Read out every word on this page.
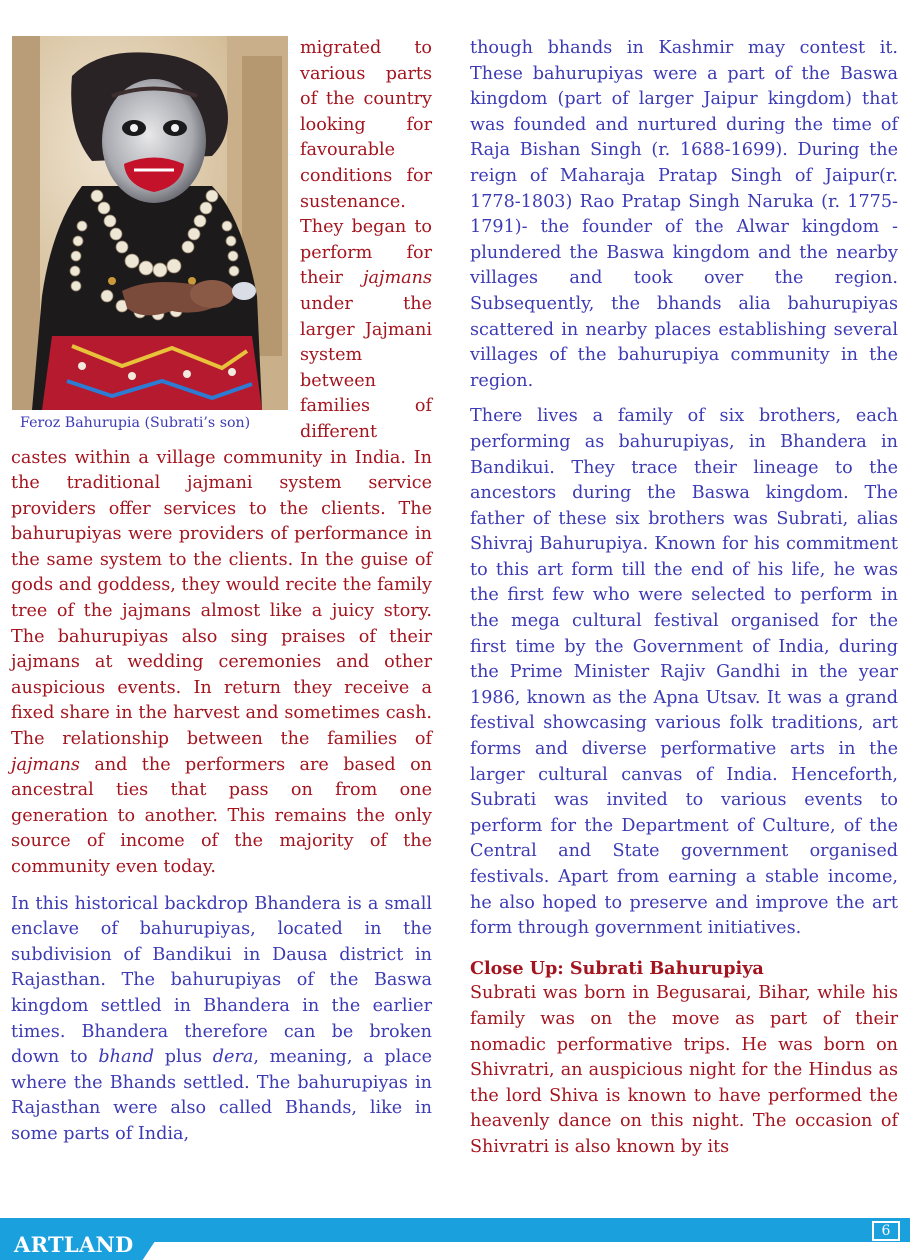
Feroz Bahurupia (Subrati’s son)

migrated to various parts of the country looking for favourable conditions for sustenance. They began to perform for their jajmans under the larger Jajmani system between families of different castes within a village community in India. In the traditional jajmani system service providers offer services to the clients. The bahurupiyas were providers of performance in the same system to the clients. In the guise of gods and goddess, they would recite the family tree of the jajmans almost like a juicy story. The bahurupiyas also sing praises of their jajmans at wedding ceremonies and other auspicious events. In return they receive a fixed share in the harvest and sometimes cash. The relationship between the families of jajmans and the performers are based on ancestral ties that pass on from one generation to another. This remains the only source of income of the majority of the community even today.

In this historical backdrop Bhandera is a small enclave of bahurupiyas, located in the subdivision of Bandikui in Dausa district in Rajasthan. The bahurupiyas of the Baswa kingdom settled in Bhandera in the earlier times. Bhandera therefore can be broken down to bhand plus dera, meaning, a place where the Bhands settled. The bahurupiyas in Rajasthan were also called Bhands, like in some parts of India,

though bhands in Kashmir may contest it. These bahurupiyas were a part of the Baswa kingdom (part of larger Jaipur kingdom) that was founded and nurtured during the time of Raja Bishan Singh (r. 1688-1699). During the reign of Maharaja Pratap Singh of Jaipur(r. 1778-1803) Rao Pratap Singh Naruka (r. 1775-1791)- the founder of the Alwar kingdom - plundered the Baswa kingdom and the nearby villages and took over the region. Subsequently, the bhands alia bahurupiyas scattered in nearby places establishing several villages of the bahurupiya community in the region.

There lives a family of six brothers, each performing as bahurupiyas, in Bhandera in Bandikui. They trace their lineage to the ancestors during the Baswa kingdom. The father of these six brothers was Subrati, alias Shivraj Bahurupiya. Known for his commitment to this art form till the end of his life, he was the first few who were selected to perform in the mega cultural festival organised for the first time by the Government of India, during the Prime Minister Rajiv Gandhi in the year 1986, known as the Apna Utsav. It was a grand festival showcasing various folk traditions, art forms and diverse performative arts in the larger cultural canvas of India. Henceforth, Subrati was invited to various events to perform for the Department of Culture, of the Central and State government organised festivals. Apart from earning a stable income, he also hoped to preserve and improve the art form through government initiatives.

Close Up: Subrati Bahurupiya

Subrati was born in Begusarai, Bihar, while his family was on the move as part of their nomadic performative trips. He was born on Shivratri, an auspicious night for the Hindus as the lord Shiva is known to have performed the heavenly dance on this night. The occasion of Shivratri is also known by its

ARTLAND
6
